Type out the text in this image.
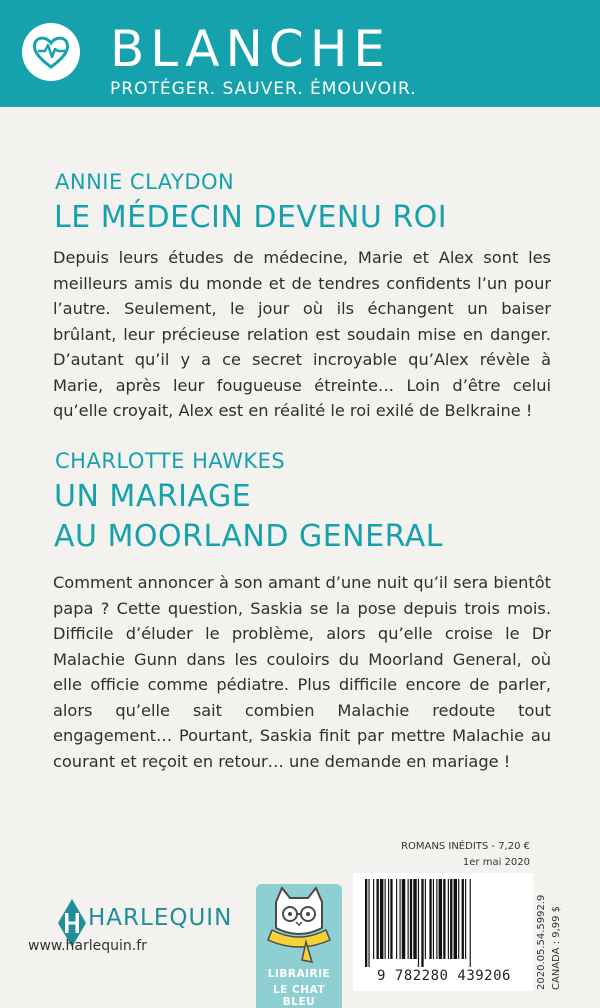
BLANCHE
PROTÉGER. SAUVER. ÉMOUVOIR.
ANNIE CLAYDON
LE MÉDECIN DEVENU ROI
Depuis leurs études de médecine, Marie et Alex sont les meilleurs amis du monde et de tendres confidents l’un pour l’autre. Seulement, le jour où ils échangent un baiser brûlant, leur précieuse relation est soudain mise en danger. D’autant qu’il y a ce secret incroyable qu’Alex révèle à Marie, après leur fougueuse étreinte… Loin d’être celui qu’elle croyait, Alex est en réalité le roi exilé de Belkraine !
CHARLOTTE HAWKES
UN MARIAGE
AU MOORLAND GENERAL
Comment annoncer à son amant d’une nuit qu’il sera bientôt papa ? Cette question, Saskia se la pose depuis trois mois. Difficile d’éluder le problème, alors qu’elle croise le Dr Malachie Gunn dans les couloirs du Moorland General, où elle officie comme pédiatre. Plus difficile encore de parler, alors qu’elle sait combien Malachie redoute tout engagement… Pourtant, Saskia finit par mettre Malachie au courant et reçoit en retour… une demande en mariage !
ROMANS INÉDITS - 7,20 €
1er mai 2020
9 782280 439206	2020.05.54.5992.9 CANADA : 9,99 $
HARLEQUIN
www.harlequin.fr
LIBRAIRIE
LE CHAT BLEU
